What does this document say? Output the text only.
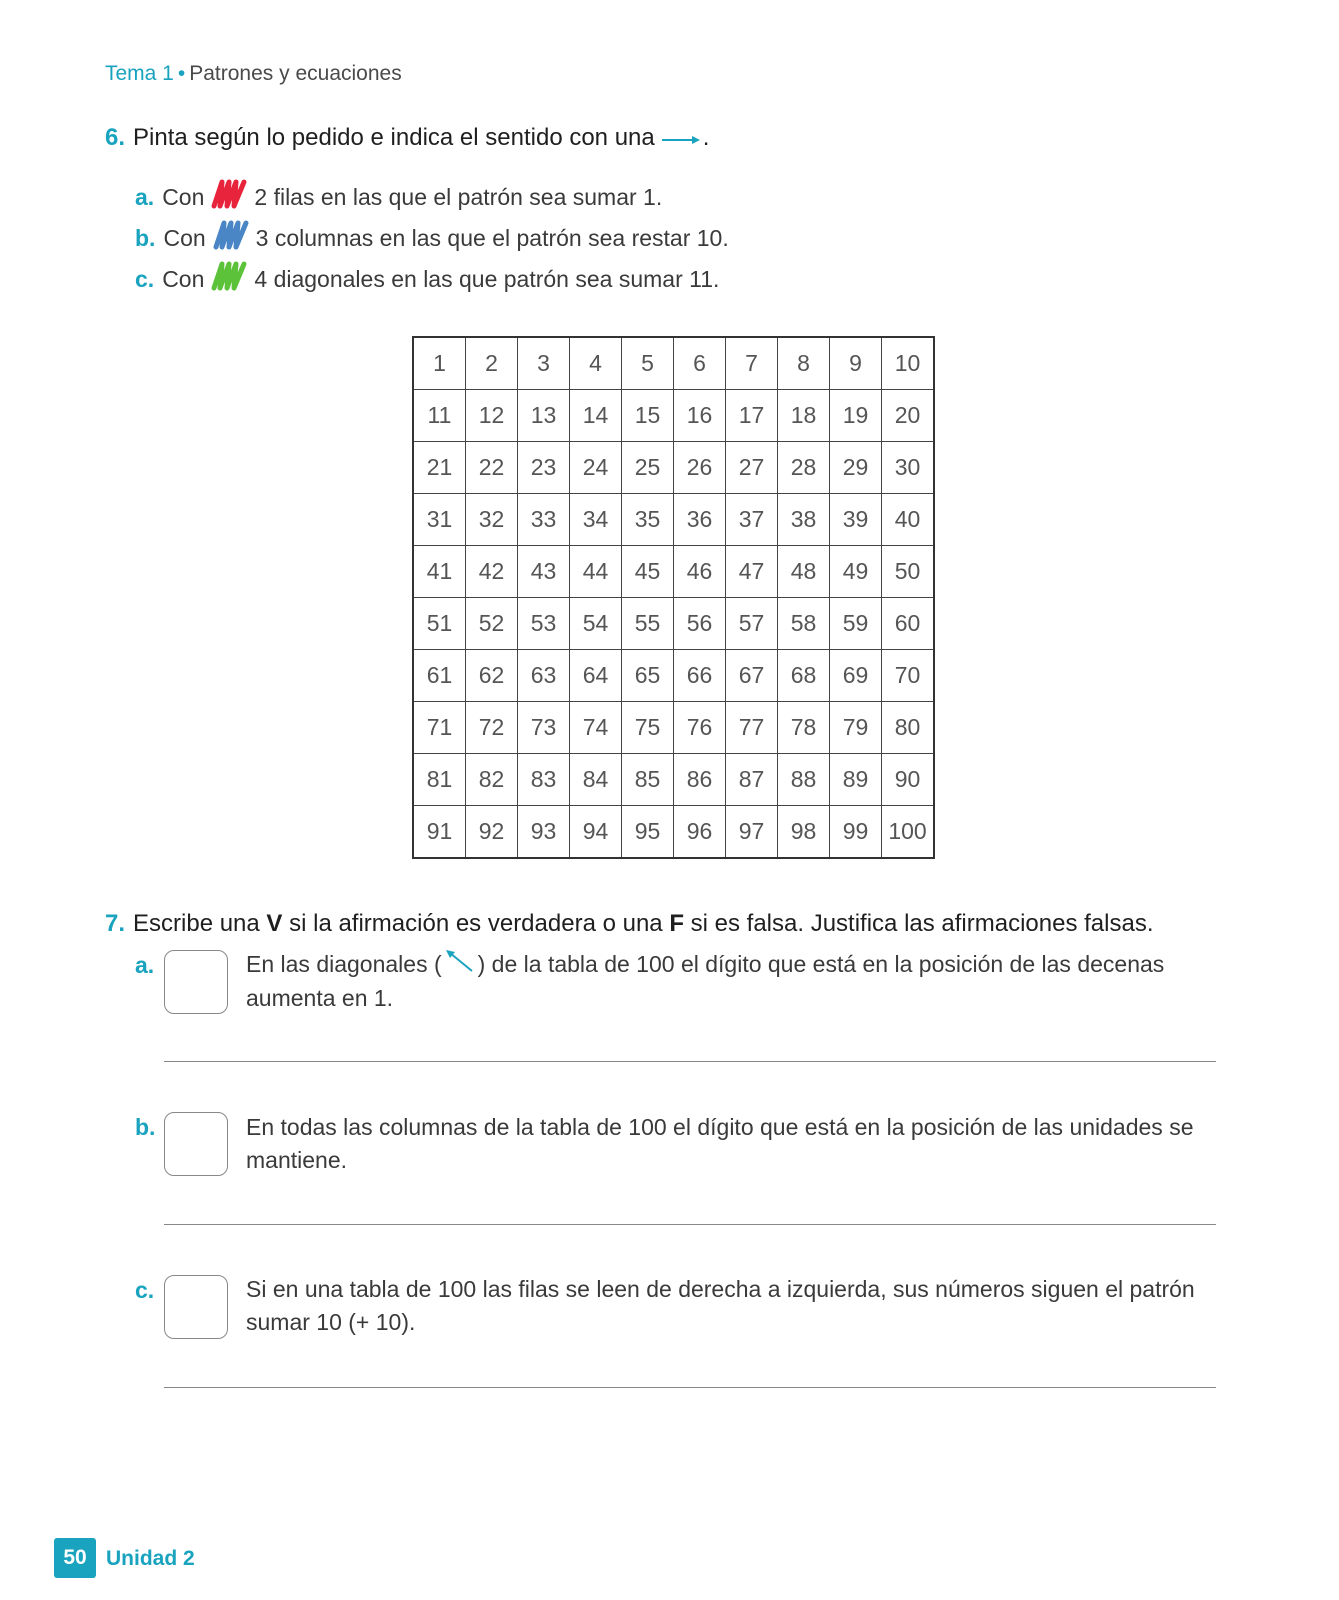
Tema 1 • Patrones y ecuaciones
6. Pinta según lo pedido e indica el sentido con una .
a. Con 2 filas en las que el patrón sea sumar 1.
b. Con 3 columnas en las que el patrón sea restar 10.
c. Con 4 diagonales en las que patrón sea sumar 11.
1	2	3	4	5	6	7	8	9	10
11	12	13	14	15	16	17	18	19	20
21	22	23	24	25	26	27	28	29	30
31	32	33	34	35	36	37	38	39	40
41	42	43	44	45	46	47	48	49	50
51	52	53	54	55	56	57	58	59	60
61	62	63	64	65	66	67	68	69	70
71	72	73	74	75	76	77	78	79	80
81	82	83	84	85	86	87	88	89	90
91	92	93	94	95	96	97	98	99	100
7. Escribe una V si la afirmación es verdadera o una F si es falsa. Justifica las afirmaciones falsas.
a.	En las diagonales ( ) de la tabla de 100 el dígito que está en la posición de las decenas aumenta en 1.
b.	En todas las columnas de la tabla de 100 el dígito que está en la posición de las unidades se mantiene.
c.	Si en una tabla de 100 las filas se leen de derecha a izquierda, sus números siguen el patrón sumar 10 (+ 10).
50 Unidad 2
